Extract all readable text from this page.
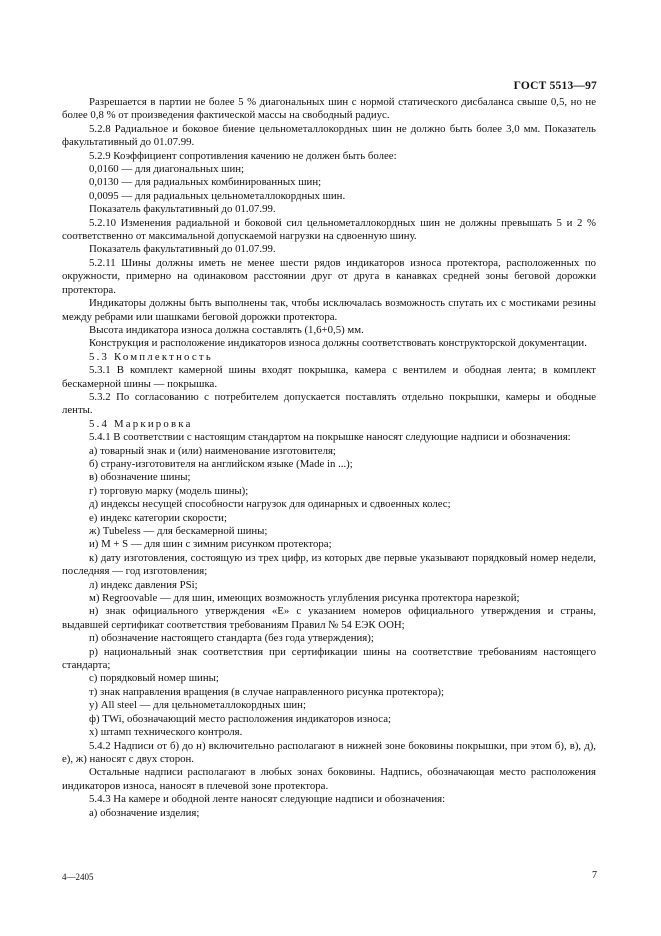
ГОСТ 5513—97

Разрешается в партии не более 5 % диагональных шин с нормой статического дисбаланса свыше 0,5, но не более 0,8 % от произведения фактической массы на свободный радиус.

5.2.8 Радиальное и боковое биение цельнометаллокордных шин не должно быть более 3,0 мм. Показатель факультативный до 01.07.99.

5.2.9 Коэффициент сопротивления качению не должен быть более:

0,0160 — для диагональных шин;

0,0130 — для радиальных комбинированных шин;

0,0095 — для радиальных цельнометаллокордных шин.

Показатель факультативный до 01.07.99.

5.2.10 Изменения радиальной и боковой сил цельнометаллокордных шин не должны превышать 5 и 2 % соответственно от максимальной допускаемой нагрузки на сдвоенную шину.

Показатель факультативный до 01.07.99.

5.2.11 Шины должны иметь не менее шести рядов индикаторов износа протектора, расположенных по окружности, примерно на одинаковом расстоянии друг от друга в канавках средней зоны беговой дорожки протектора.

Индикаторы должны быть выполнены так, чтобы исключалась возможность спутать их с мостиками резины между ребрами или шашками беговой дорожки протектора.

Высота индикатора износа должна составлять (1,6+0,5) мм.

Конструкция и расположение индикаторов износа должны соответствовать конструкторской документации.

5.3 Комплектность

5.3.1 В комплект камерной шины входят покрышка, камера с вентилем и ободная лента; в комплект бескамерной шины — покрышка.

5.3.2 По согласованию с потребителем допускается поставлять отдельно покрышки, камеры и ободные ленты.

5.4 Маркировка

5.4.1 В соответствии с настоящим стандартом на покрышке наносят следующие надписи и обозначения:

а) товарный знак и (или) наименование изготовителя;

б) страну-изготовителя на английском языке (Made in ...);

в) обозначение шины;

г) торговую марку (модель шины);

д) индексы несущей способности нагрузок для одинарных и сдвоенных колес;

е) индекс категории скорости;

ж) Tubeless — для бескамерной шины;

и) M + S — для шин с зимним рисунком протектора;

к) дату изготовления, состоящую из трех цифр, из которых две первые указывают порядковый номер недели, последняя — год изготовления;

л) индекс давления PSi;

м) Regroovable — для шин, имеющих возможность углубления рисунка протектора нарезкой;

н) знак официального утверждения «Е» с указанием номеров официального утверждения и страны, выдавшей сертификат соответствия требованиям Правил № 54 ЕЭК ООН;

п) обозначение настоящего стандарта (без года утверждения);

р) национальный знак соответствия при сертификации шины на соответствие требованиям настоящего стандарта;

с) порядковый номер шины;

т) знак направления вращения (в случае направленного рисунка протектора);

у) All steel — для цельнометаллокордных шин;

ф) TWi, обозначающий место расположения индикаторов износа;

х) штамп технического контроля.

5.4.2 Надписи от б) до н) включительно располагают в нижней зоне боковины покрышки, при этом б), в), д), е), ж) наносят с двух сторон.

Остальные надписи располагают в любых зонах боковины. Надпись, обозначающая место расположения индикаторов износа, наносят в плечевой зоне протектора.

5.4.3 На камере и ободной ленте наносят следующие надписи и обозначения:

а) обозначение изделия;

4—2405	7
